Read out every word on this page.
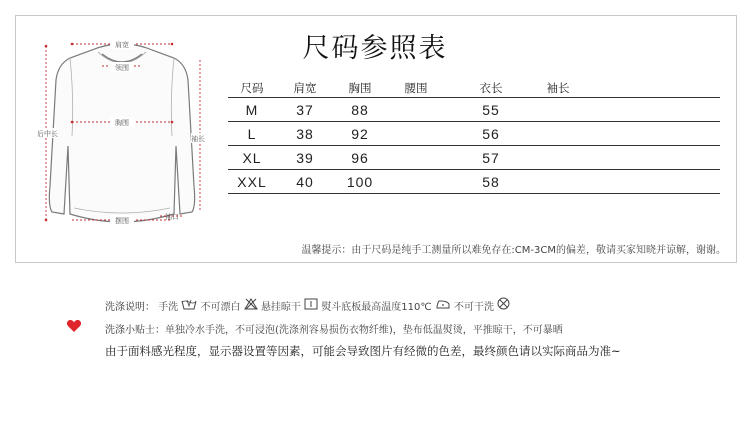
尺码参照表
肩宽
领围
胸围
摆围	袖口
后中长
袖长
尺码	肩宽	胸围	腰围	衣长	袖长	
M	37	88		55		
L	38	92		56		
XL	39	96		57		
XXL	40	100		58		
温馨提示：由于尺码是纯手工测量所以难免存在:CM-3CM的偏差，敬请买家知晓并谅解，谢谢。
洗涤说明： 手洗 不可漂白 悬挂晾干 熨斗底板最高温度110℃ 不可干洗
洗涤小贴士：单独冷水手洗，不可浸泡(洗涤剂容易损伤衣物纤维)，垫布低温熨烫，平推晾干，不可暴晒
由于面料感光程度，显示器设置等因素，可能会导致图片有经微的色差，最终颜色请以实际商品为准~
